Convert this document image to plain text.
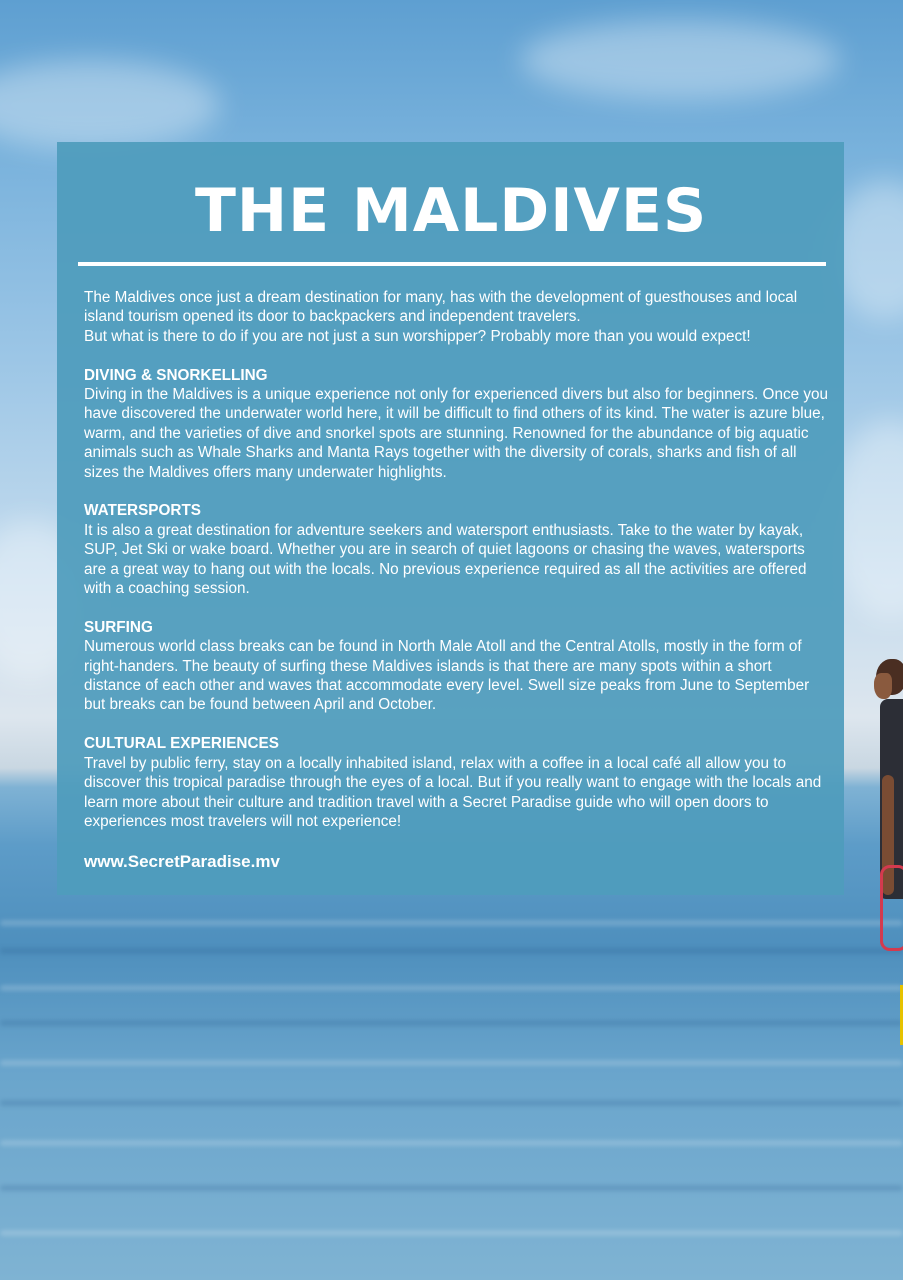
THE MALDIVES

The Maldives once just a dream destination for many, has with the development of guesthouses and local island tourism opened its door to backpackers and independent travelers.

But what is there to do if you are not just a sun worshipper? Probably more than you would expect!

DIVING & SNORKELLING

Diving in the Maldives is a unique experience not only for experienced divers but also for beginners. Once you have discovered the underwater world here, it will be difficult to find others of its kind. The water is azure blue, warm, and the varieties of dive and snorkel spots are stunning. Renowned for the abundance of big aquatic animals such as Whale Sharks and Manta Rays together with the diversity of corals, sharks and fish of all sizes the Maldives offers many underwater highlights.

WATERSPORTS

It is also a great destination for adventure seekers and watersport enthusiasts. Take to the water by kayak, SUP, Jet Ski or wake board. Whether you are in search of quiet lagoons or chasing the waves, watersports are a great way to hang out with the locals. No previous experience required as all the activities are offered with a coaching session.

SURFING

Numerous world class breaks can be found in North Male Atoll and the Central Atolls, mostly in the form of right-handers. The beauty of surfing these Maldives islands is that there are many spots within a short distance of each other and waves that accommodate every level. Swell size peaks from June to September but breaks can be found between April and October.

CULTURAL EXPERIENCES

Travel by public ferry, stay on a locally inhabited island, relax with a coffee in a local café all allow you to discover this tropical paradise through the eyes of a local. But if you really want to engage with the locals and learn more about their culture and tradition travel with a Secret Paradise guide who will open doors to experiences most travelers will not experience!

www.SecretParadise.mv
